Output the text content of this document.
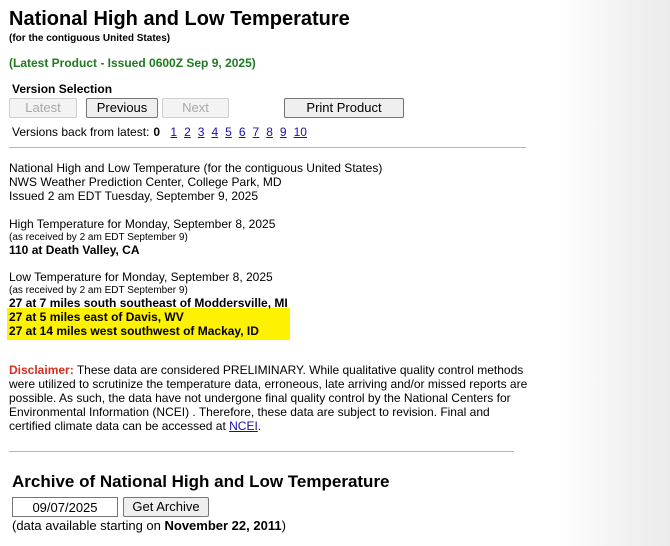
National High and Low Temperature
(for the contiguous United States)
(Latest Product - Issued 0600Z Sep 9, 2025)
Version Selection
Latest	Previous	Next	Print Product
Versions back from latest: 0 1 2 3 4 5 6 7 8 9 10
National High and Low Temperature (for the contiguous United States)
NWS Weather Prediction Center, College Park, MD
Issued 2 am EDT Tuesday, September 9, 2025
High Temperature for Monday, September 8, 2025
(as received by 2 am EDT September 9)
110 at Death Valley, CA
Low Temperature for Monday, September 8, 2025
(as received by 2 am EDT September 9)
27 at 7 miles south southeast of Moddersville, MI
27 at 5 miles east of Davis, WV
27 at 14 miles west southwest of Mackay, ID
Disclaimer: These data are considered PRELIMINARY. While qualitative quality control methods were utilized to scrutinize the temperature data, erroneous, late arriving and/or missed reports are possible. As such, the data have not undergone final quality control by the National Centers for Environmental Information (NCEI) . Therefore, these data are subject to revision. Final and certified climate data can be accessed at NCEI.
Archive of National High and Low Temperature
09/07/2025
Get Archive
(data available starting on November 22, 2011)
